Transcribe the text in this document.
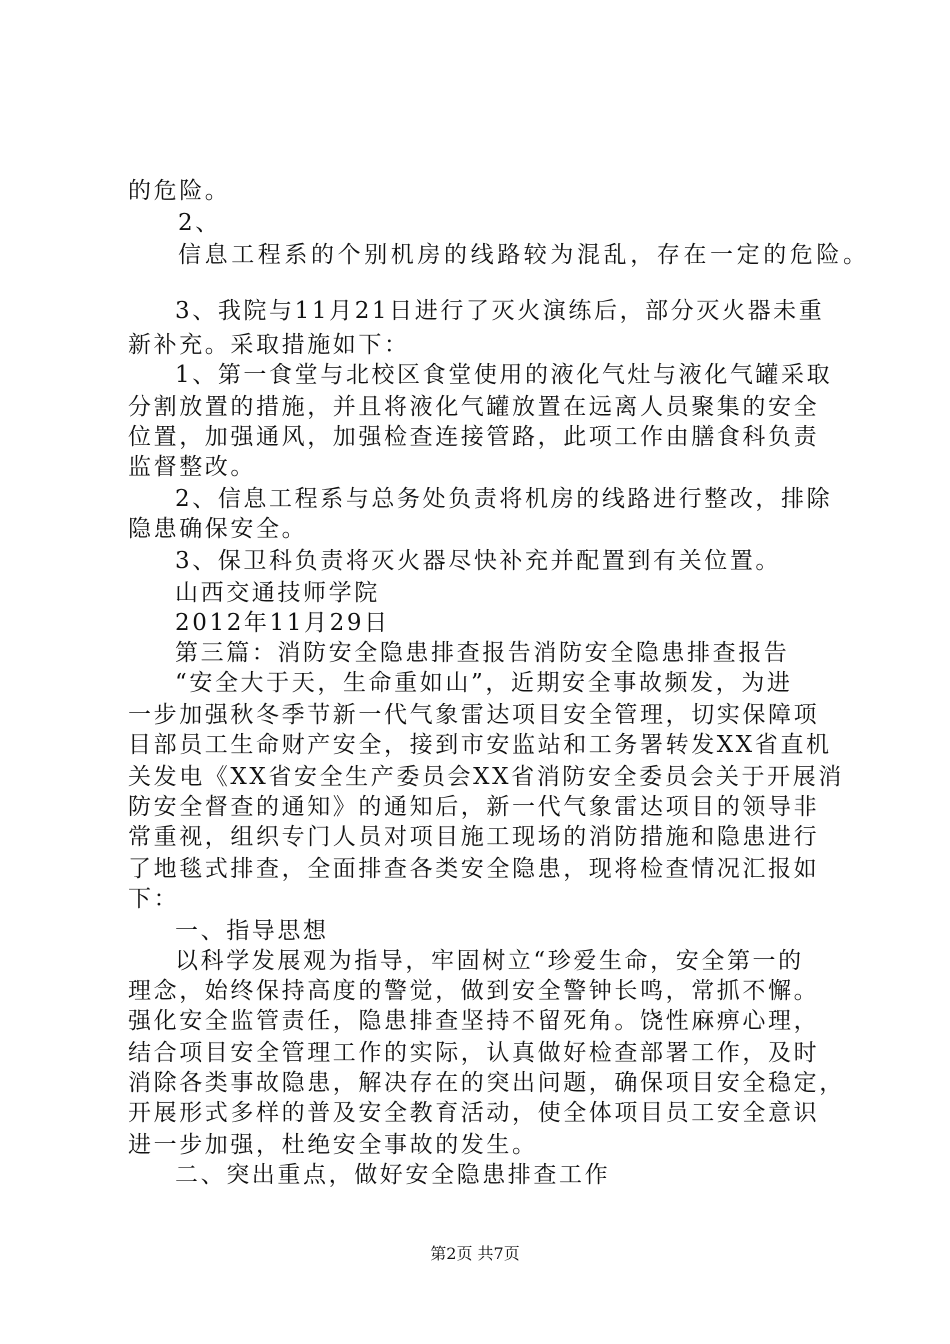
的危险。
2、
信息工程系的个别机房的线路较为混乱，存在一定的危险。
3、我院与11月21日进行了灭火演练后，部分灭火器未重
新补充。采取措施如下：
1、第一食堂与北校区食堂使用的液化气灶与液化气罐采取
分割放置的措施，并且将液化气罐放置在远离人员聚集的安全
位置，加强通风，加强检查连接管路，此项工作由膳食科负责
监督整改。
2、信息工程系与总务处负责将机房的线路进行整改，排除
隐患确保安全。
3、保卫科负责将灭火器尽快补充并配置到有关位置。
山西交通技师学院
2012年11月29日
第三篇：消防安全隐患排查报告消防安全隐患排查报告
“安全大于天，生命重如山”，近期安全事故频发，为进
一步加强秋冬季节新一代气象雷达项目安全管理，切实保障项
目部员工生命财产安全，接到市安监站和工务署转发XX省直机
关发电《XX省安全生产委员会XX省消防安全委员会关于开展消
防安全督查的通知》的通知后，新一代气象雷达项目的领导非
常重视，组织专门人员对项目施工现场的消防措施和隐患进行
了地毯式排查，全面排查各类安全隐患，现将检查情况汇报如
下：
一、指导思想
以科学发展观为指导，牢固树立“珍爱生命，安全第一的
理念，始终保持高度的警觉，做到安全警钟长鸣，常抓不懈。
强化安全监管责任，隐患排查坚持不留死角。饶性麻痹心理，
结合项目安全管理工作的实际，认真做好检查部署工作，及时
消除各类事故隐患，解决存在的突出问题，确保项目安全稳定，
开展形式多样的普及安全教育活动，使全体项目员工安全意识
进一步加强，杜绝安全事故的发生。
二、突出重点，做好安全隐患排查工作
第2页 共7页
